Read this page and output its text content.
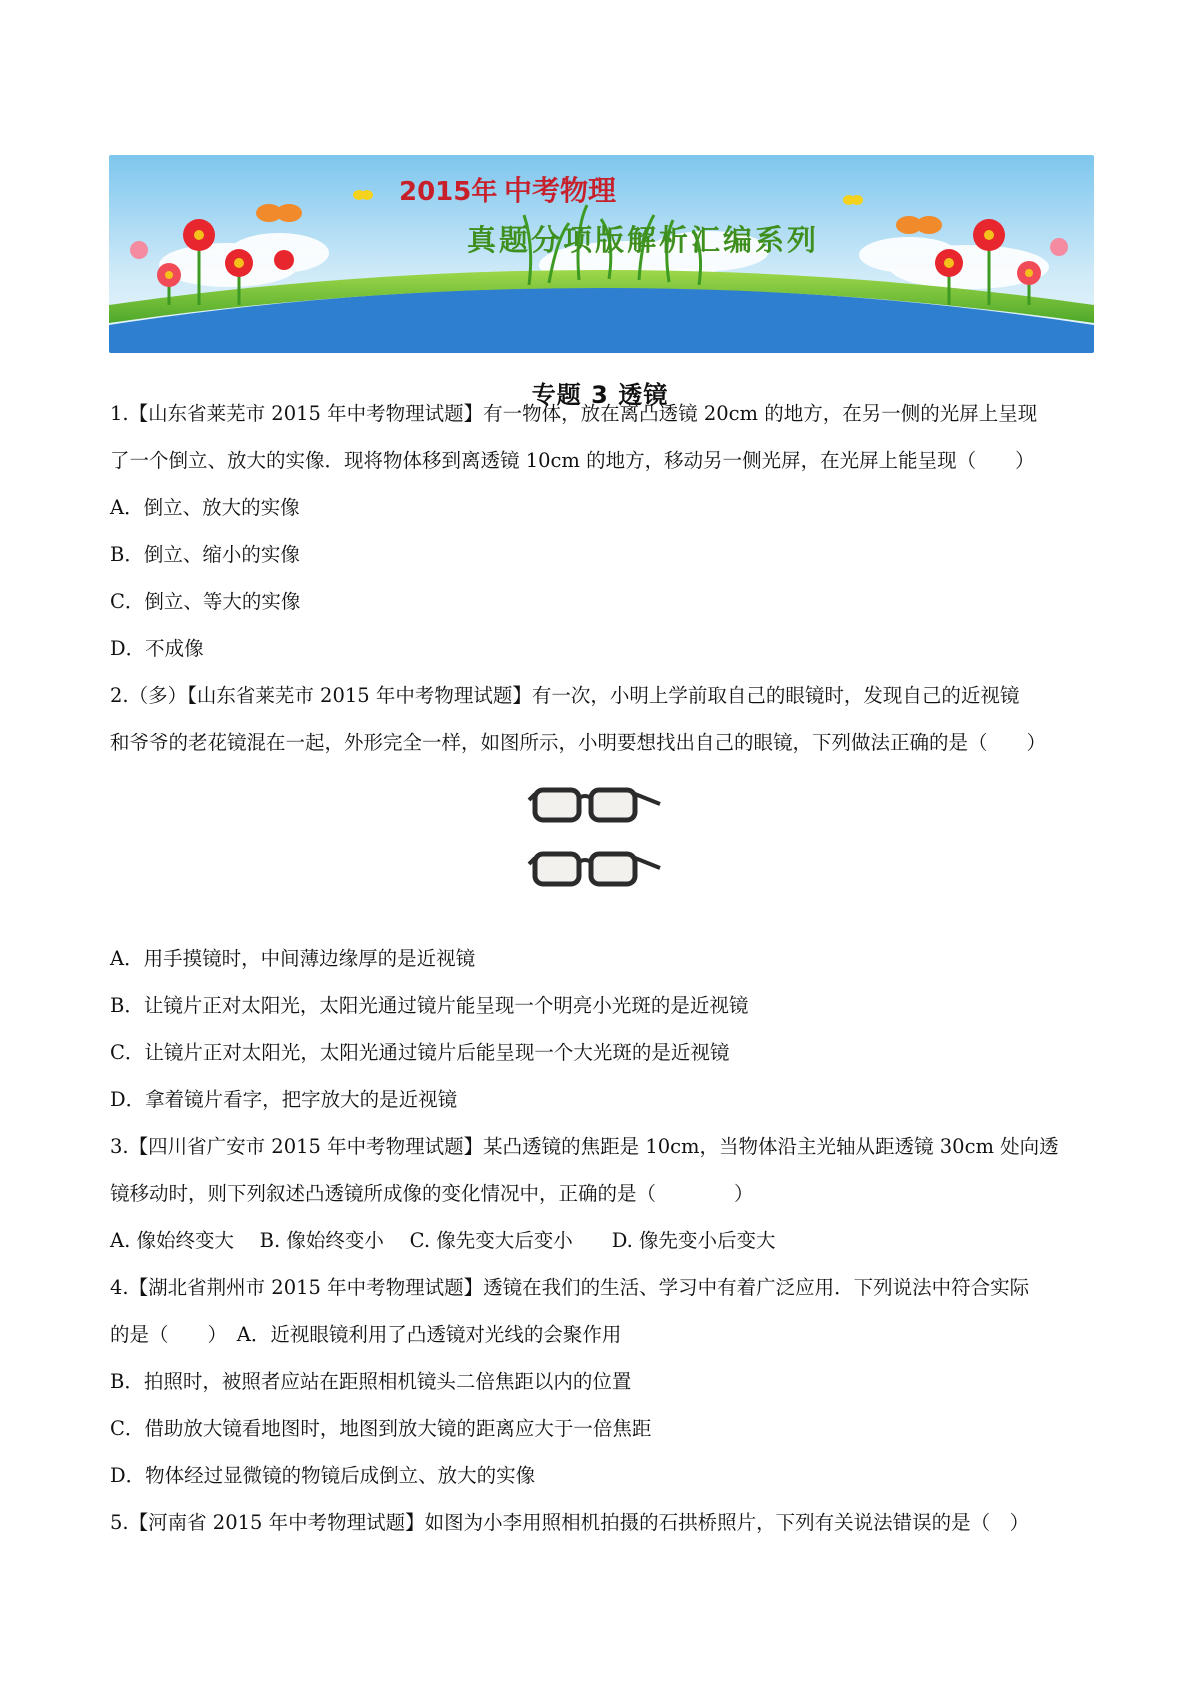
2015年 中考物理
真题分项版解析汇编系列
专题 3 透镜
1.【山东省莱芜市 2015 年中考物理试题】有一物体，放在离凸透镜 20cm 的地方，在另一侧的光屏上呈现
了一个倒立、放大的实像．现将物体移到离透镜 10cm 的地方，移动另一侧光屏，在光屏上能呈现（　　）
A．倒立、放大的实像
B．倒立、缩小的实像
C．倒立、等大的实像
D．不成像
2.（多）【山东省莱芜市 2015 年中考物理试题】有一次，小明上学前取自己的眼镜时，发现自己的近视镜
和爷爷的老花镜混在一起，外形完全一样，如图所示，小明要想找出自己的眼镜，下列做法正确的是（　　）
A．用手摸镜时，中间薄边缘厚的是近视镜
B．让镜片正对太阳光，太阳光通过镜片能呈现一个明亮小光斑的是近视镜
C．让镜片正对太阳光，太阳光通过镜片后能呈现一个大光斑的是近视镜
D．拿着镜片看字，把字放大的是近视镜
3.【四川省广安市 2015 年中考物理试题】某凸透镜的焦距是 10cm，当物体沿主光轴从距透镜 30cm 处向透
镜移动时，则下列叙述凸透镜所成像的变化情况中，正确的是（　　　　）
A. 像始终变大　 B. 像始终变小　 C. 像先变大后变小　　D. 像先变小后变大
4.【湖北省荆州市 2015 年中考物理试题】透镜在我们的生活、学习中有着广泛应用．下列说法中符合实际
的是（　　）　A．近视眼镜利用了凸透镜对光线的会聚作用
B．拍照时，被照者应站在距照相机镜头二倍焦距以内的位置
C．借助放大镜看地图时，地图到放大镜的距离应大于一倍焦距
D．物体经过显微镜的物镜后成倒立、放大的实像
5.【河南省 2015 年中考物理试题】如图为小李用照相机拍摄的石拱桥照片，下列有关说法错误的是（　）
